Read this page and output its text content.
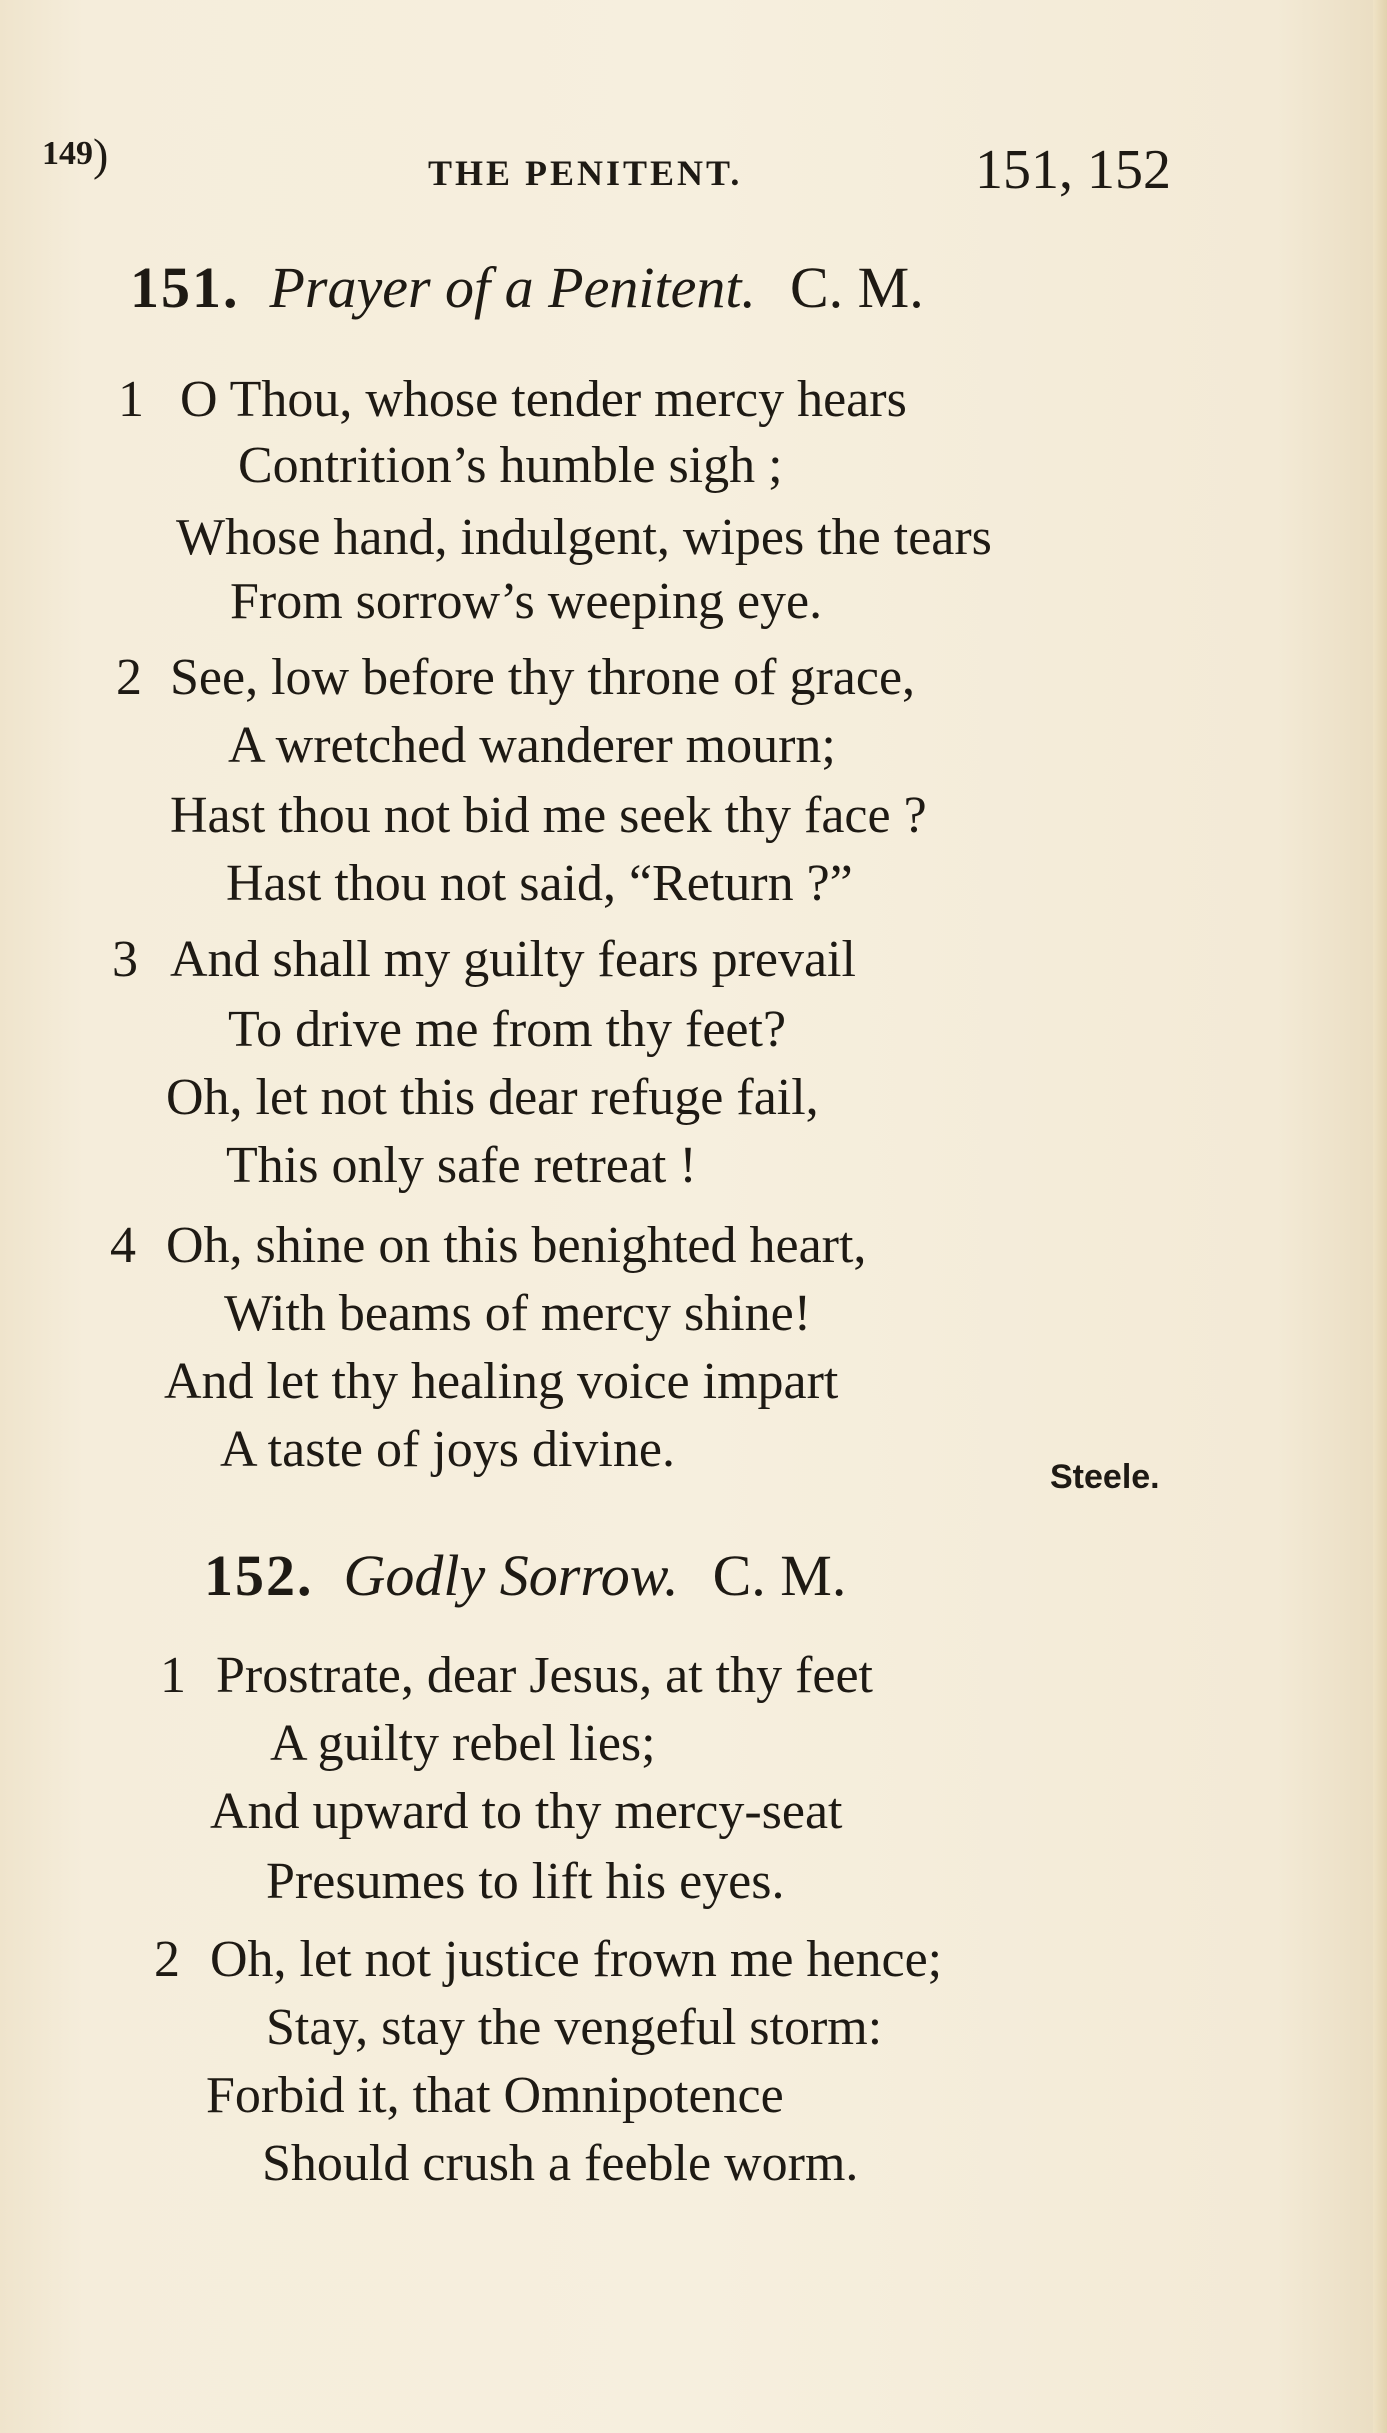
149)	THE PENITENT.	151, 152
151. Prayer of a Penitent. C. M.
1 O Thou, whose tender mercy hears
Contrition’s humble sigh ;
Whose hand, indulgent, wipes the tears
From sorrow’s weeping eye.
2 See, low before thy throne of grace,
A wretched wanderer mourn;
Hast thou not bid me seek thy face ?
Hast thou not said, “Return ?”
3 And shall my guilty fears prevail
To drive me from thy feet?
Oh, let not this dear refuge fail,
This only safe retreat !
4 Oh, shine on this benighted heart,
With beams of mercy shine!
And let thy healing voice impart
A taste of joys divine.	Steele.
152. Godly Sorrow. C. M.
1 Prostrate, dear Jesus, at thy feet
A guilty rebel lies;
And upward to thy mercy-seat
Presumes to lift his eyes.
2 Oh, let not justice frown me hence;
Stay, stay the vengeful storm:
Forbid it, that Omnipotence
Should crush a feeble worm.
